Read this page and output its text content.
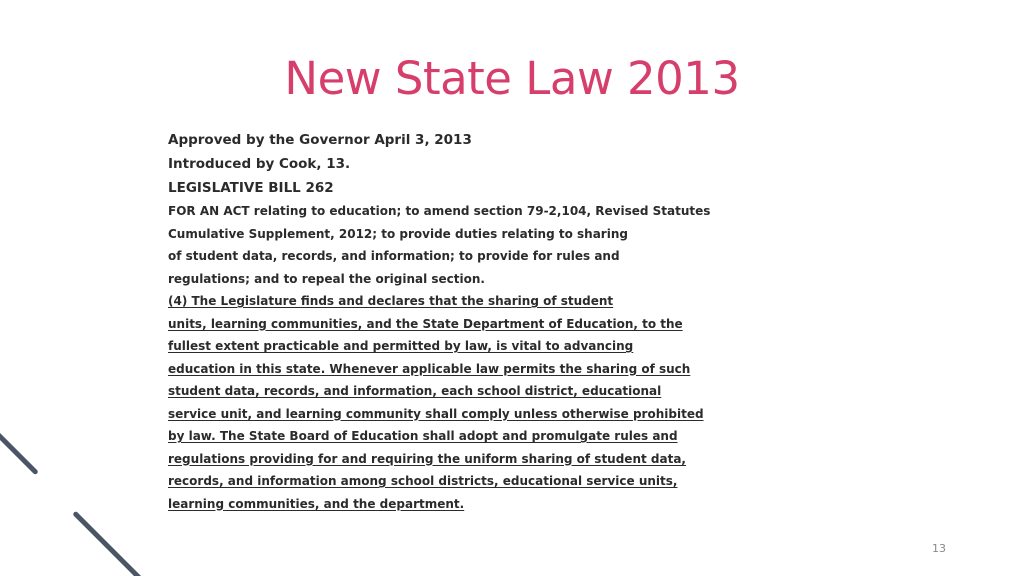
New State Law 2013
Approved by the Governor April 3, 2013
Introduced by Cook, 13.
LEGISLATIVE BILL 262
FOR AN ACT relating to education; to amend section 79-2,104, Revised Statutes
Cumulative Supplement, 2012; to provide duties relating to sharing
of student data, records, and information; to provide for rules and
regulations; and to repeal the original section.
(4) The Legislature finds and declares that the sharing of student
units, learning communities, and the State Department of Education, to the
fullest extent practicable and permitted by law, is vital to advancing
education in this state. Whenever applicable law permits the sharing of such
student data, records, and information, each school district, educational
service unit, and learning community shall comply unless otherwise prohibited
by law. The State Board of Education shall adopt and promulgate rules and
regulations providing for and requiring the uniform sharing of student data,
records, and information among school districts, educational service units,
learning communities, and the department.
13
